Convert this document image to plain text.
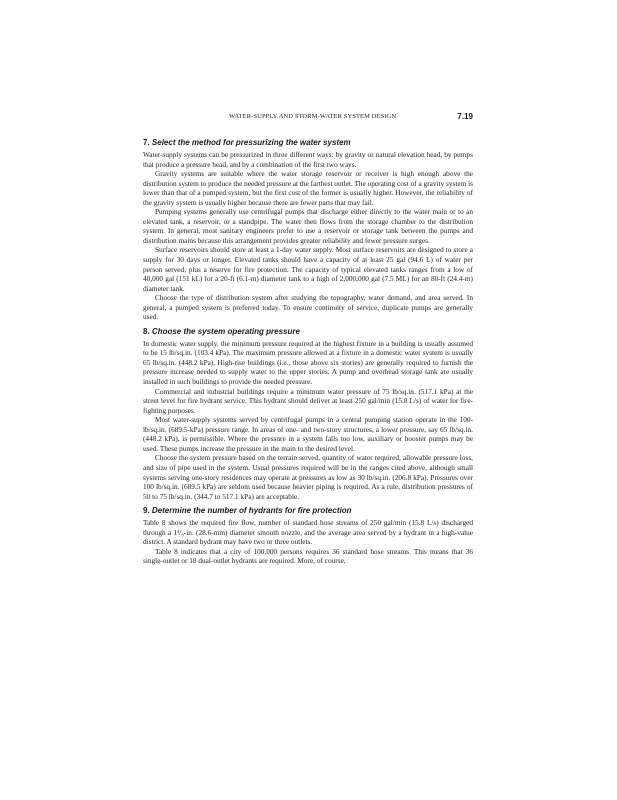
WATER-SUPPLY AND STORM-WATER SYSTEM DESIGN	7.19
7. Select the method for pressurizing the water system

Water-supply systems can be pressurized in three different ways: by gravity or natural elevation head, by pumps that produce a pressure head, and by a combination of the first two ways.

Gravity systems are suitable where the water storage reservoir or receiver is high enough above the distribution system to produce the needed pressure at the farthest outlet. The operating cost of a gravity system is lower than that of a pumped system, but the first cost of the former is usually higher. However, the reliability of the gravity system is usually higher because there are fewer parts that may fail.

Pumping systems generally use centrifugal pumps that discharge either directly to the water main or to an elevated tank, a reservoir, or a standpipe. The water then flows from the storage chamber to the distribution system. In general, most sanitary engineers prefer to use a reservoir or storage tank between the pumps and distribution mains because this arrangement provides greater reliability and fewer pressure surges.

Surface reservoirs should store at least a 1-day water supply. Most surface reservoirs are designed to store a supply for 30 days or longer. Elevated tanks should have a capacity of at least 25 gal (94.6 L) of water per person served, plus a reserve for fire protection. The capacity of typical elevated tanks ranges from a low of 40,000 gal (151 kL) for a 20-ft (6.1-m) diameter tank to a high of 2,000,000 gal (7.5 ML) for an 80-ft (24.4-m) diameter tank.

Choose the type of distribution system after studying the topography, water demand, and area served. In general, a pumped system is preferred today. To ensure continuity of service, duplicate pumps are generally used.

8. Choose the system operating pressure

In domestic water supply, the minimum pressure required at the highest fixture in a building is usually assumed to be 15 lb/sq.in. (103.4 kPa). The maximum pressure allowed at a fixture in a domestic water system is usually 65 lb/sq.in. (448.2 kPa). High-rise buildings (i.e., those above six stories) are generally required to furnish the pressure increase needed to supply water to the upper stories. A pump and overhead storage tank are usually installed in such buildings to provide the needed pressure.

Commercial and industrial buildings require a minimum water pressure of 75 lb/sq.in. (517.1 kPa) at the street level for fire hydrant service. This hydrant should deliver at least 250 gal/min (15.8 L/s) of water for fire-fighting purposes.

Most water-supply systems served by centrifugal pumps in a central pumping station operate in the 100-lb/sq.in. (689.5-kPa) pressure range. In areas of one- and two-story structures, a lower pressure, say 65 lb/sq.in. (448.2 kPa), is permissible. Where the pressure in a system falls too low, auxiliary or booster pumps may be used. These pumps increase the pressure in the main to the desired level.

Choose the system pressure based on the terrain served, quantity of water required, allowable pressure loss, and size of pipe used in the system. Usual pressures required will be in the ranges cited above, although small systems serving one-story residences may operate at pressures as low as 30 lb/sq.in. (206.8 kPa). Pressures over 100 lb/sq.in. (689.5 kPa) are seldom used because heavier piping is required. As a rule, distribution pressures of 50 to 75 lb/sq.in. (344.7 to 517.1 kPa) are acceptable.

9. Determine the number of hydrants for fire protection

Table 8 shows the required fire flow, number of standard hose streams of 250 gal/min (15.8 L/s) discharged through a 1¹/₈-in. (28.6-mm) diameter smooth nozzle, and the average area served by a hydrant in a high-value district. A standard hydrant may have two or three outlets.

Table 8 indicates that a city of 100,000 persons requires 36 standard hose streams. This means that 36 single-outlet or 18 dual-outlet hydrants are required. More, of course,
